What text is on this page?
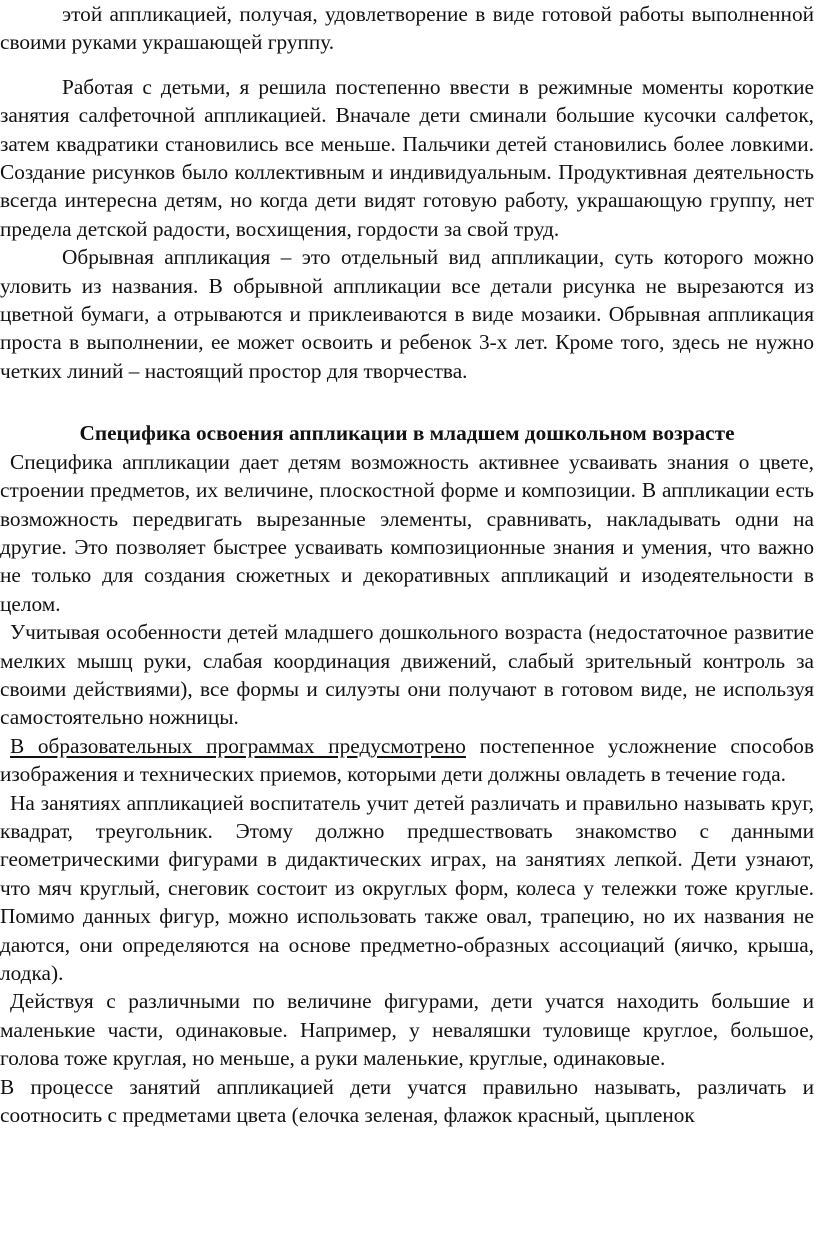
этой аппликацией, получая, удовлетворение в виде готовой работы выполненной своими руками украшающей группу.

Работая с детьми, я решила постепенно ввести в режимные моменты короткие занятия салфеточной аппликацией. Вначале дети сминали большие кусочки салфеток, затем квадратики становились все меньше. Пальчики детей становились более ловкими. Создание рисунков было коллективным и индивидуальным. Продуктивная деятельность всегда интересна детям, но когда дети видят готовую работу, украшающую группу, нет предела детской радости, восхищения, гордости за свой труд.

Обрывная аппликация – это отдельный вид аппликации, суть которого можно уловить из названия. В обрывной аппликации все детали рисунка не вырезаются из цветной бумаги, а отрываются и приклеиваются в виде мозаики. Обрывная аппликация проста в выполнении, ее может освоить и ребенок 3-х лет. Кроме того, здесь не нужно четких линий – настоящий простор для творчества.

Специфика освоения аппликации в младшем дошкольном возрасте

Специфика аппликации дает детям возможность активнее усваивать знания о цвете, строении предметов, их величине, плоскостной форме и композиции. В аппликации есть возможность передвигать вырезанные элементы, сравнивать, накладывать одни на другие. Это позволяет быстрее усваивать композиционные знания и умения, что важно не только для создания сюжетных и декоративных аппликаций и изодеятельности в целом.

Учитывая особенности детей младшего дошкольного возраста (недостаточное развитие мелких мышц руки, слабая координация движений, слабый зрительный контроль за своими действиями), все формы и силуэты они получают в готовом виде, не используя самостоятельно ножницы.

В образовательных программах предусмотрено постепенное усложнение способов изображения и технических приемов, которыми дети должны овладеть в течение года.

На занятиях аппликацией воспитатель учит детей различать и правильно называть круг, квадрат, треугольник. Этому должно предшествовать знакомство с данными геометрическими фигурами в дидактических играх, на занятиях лепкой. Дети узнают, что мяч круглый, снеговик состоит из округлых форм, колеса у тележки тоже круглые. Помимо данных фигур, можно использовать также овал, трапецию, но их названия не даются, они определяются на основе предметно-образных ассоциаций (яичко, крыша, лодка).

Действуя с различными по величине фигурами, дети учатся находить большие и маленькие части, одинаковые. Например, у неваляшки туловище круглое, большое, голова тоже круглая, но меньше, а руки маленькие, круглые, одинаковые.

В процессе занятий аппликацией дети учатся правильно называть, различать и соотносить с предметами цвета (елочка зеленая, флажок красный, цыпленок
